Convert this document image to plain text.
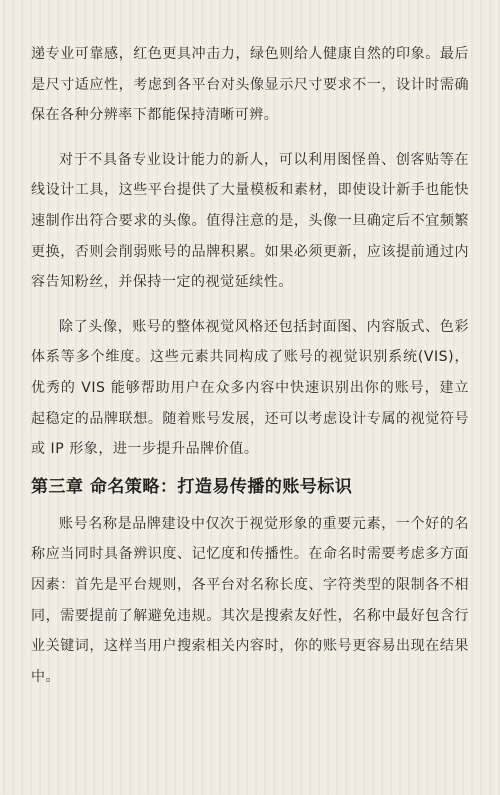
递专业可靠感，红色更具冲击力，绿色则给人健康自然的印象。最后是尺寸适应性，考虑到各平台对头像显示尺寸要求不一，设计时需确保在各种分辨率下都能保持清晰可辨。

对于不具备专业设计能力的新人，可以利用图怪兽、创客贴等在线设计工具，这些平台提供了大量模板和素材，即使设计新手也能快速制作出符合要求的头像。值得注意的是，头像一旦确定后不宜频繁更换，否则会削弱账号的品牌积累。如果必须更新，应该提前通过内容告知粉丝，并保持一定的视觉延续性。

除了头像，账号的整体视觉风格还包括封面图、内容版式、色彩体系等多个维度。这些元素共同构成了账号的视觉识别系统(VIS)，优秀的 VIS 能够帮助用户在众多内容中快速识别出你的账号，建立起稳定的品牌联想。随着账号发展，还可以考虑设计专属的视觉符号或 IP 形象，进一步提升品牌价值。

第三章 命名策略：打造易传播的账号标识

账号名称是品牌建设中仅次于视觉形象的重要元素，一个好的名称应当同时具备辨识度、记忆度和传播性。在命名时需要考虑多方面因素：首先是平台规则，各平台对名称长度、字符类型的限制各不相同，需要提前了解避免违规。其次是搜索友好性，名称中最好包含行业关键词，这样当用户搜索相关内容时，你的账号更容易出现在结果中。
